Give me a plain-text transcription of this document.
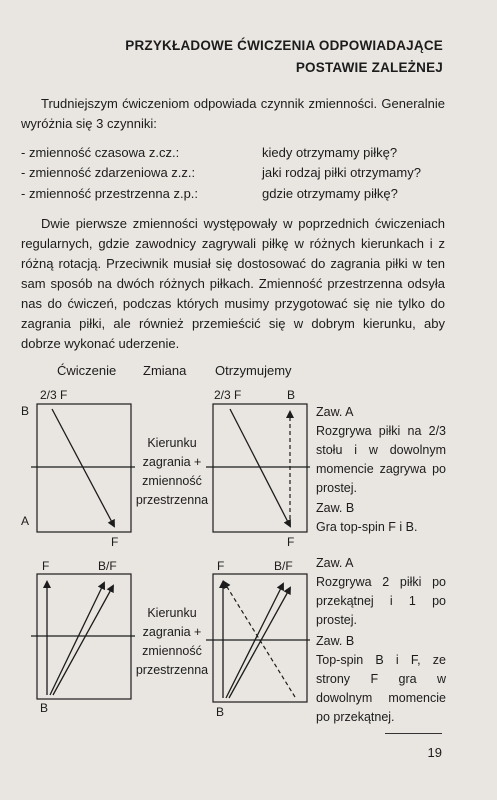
PRZYKŁADOWE ĆWICZENIA ODPOWIADAJĄCE
POSTAWIE ZALEŻNEJ
Trudniejszym ćwiczeniom odpowiada czynnik zmienności. Generalnie wyróżnia się 3 czynniki:
- zmienność czasowa z.cz.:	kiedy otrzymamy piłkę?
- zmienność zdarzeniowa z.z.:	jaki rodzaj piłki otrzymamy?
- zmienność przestrzenna z.p.:	gdzie otrzymamy piłkę?
Dwie pierwsze zmienności występowały w poprzednich ćwiczeniach regularnych, gdzie zawodnicy zagrywali piłkę w różnych kierunkach i z różną rotacją. Przeciwnik musiał się dostosować do zagrania piłki w ten sam sposób na dwóch różnych piłkach. Zmienność przestrzenna odsyła nas do ćwiczeń, podczas których musimy przygotować się nie tylko do zagrania piłki, ale również przemieścić się w dobrym kierunku, aby dobrze wykonać uderzenie.
Ćwiczenie Zmiana Otrzymujemy
2/3 F
B
A
F
2/3 F	B
F
Kierunku
zagrania +
zmienność
przestrzenna
Zaw. A
Rozgrywa piłki na 2/3 stołu i w dowolnym momencie zagrywa po prostej.
Zaw. B
Gra top-spin F i B.
F	B/F
B
F	B/F
B
Kierunku
zagrania +
zmienność
przestrzenna
Zaw. A
Rozgrywa 2 piłki po przekątnej i 1 po prostej.
Zaw. B
Top-spin B i F, ze strony F gra w dowolnym momencie po przekątnej.
19
